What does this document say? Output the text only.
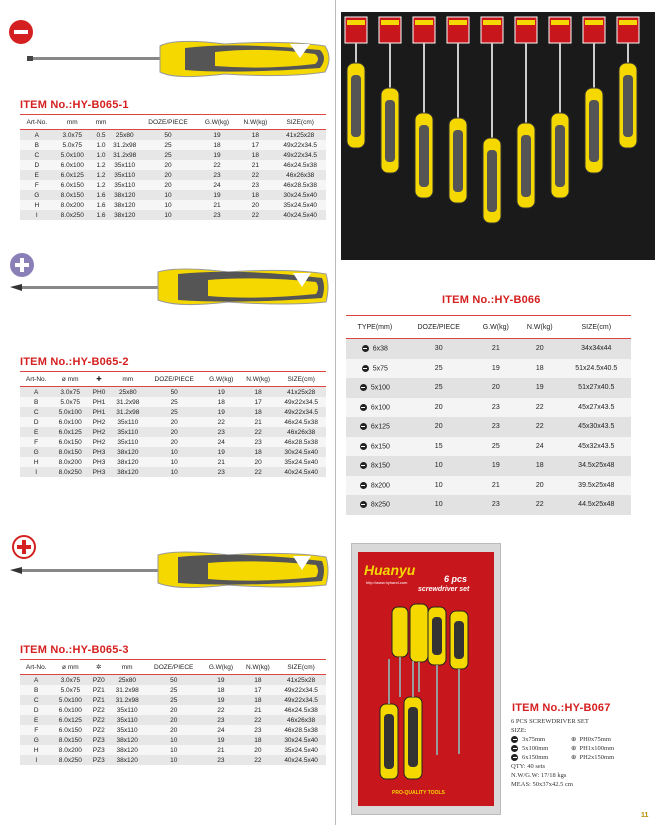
ITEM No.:HY-B065-1
Art-No.	mm	mm		DOZE/PIECE	G.W(kg)	N.W(kg)	SIZE(cm)
A	3.0x75	0.5	25x80	50	19	18	41x25x28
B	5.0x75	1.0	31.2x98	25	18	17	49x22x34.5
C	5.0x100	1.0	31.2x98	25	19	18	49x22x34.5
D	6.0x100	1.2	35x110	20	22	21	46x24.5x38
E	6.0x125	1.2	35x110	20	23	22	46x26x38
F	6.0x150	1.2	35x110	20	24	23	46x28.5x38
G	8.0x150	1.6	38x120	10	19	18	30x24.5x40
H	8.0x200	1.6	38x120	10	21	20	35x24.5x40
I	8.0x250	1.6	38x120	10	23	22	40x24.5x40
ITEM No.:HY-B065-2
Art-No.	ø mm	✚	mm	DOZE/PIECE	G.W(kg)	N.W(kg)	SIZE(cm)
A	3.0x75	PH0	25x80	50	19	18	41x25x28
B	5.0x75	PH1	31.2x98	25	18	17	49x22x34.5
C	5.0x100	PH1	31.2x98	25	19	18	49x22x34.5
D	6.0x100	PH2	35x110	20	22	21	46x24.5x38
E	6.0x125	PH2	35x110	20	23	22	46x26x38
F	6.0x150	PH2	35x110	20	24	23	46x28.5x38
G	8.0x150	PH3	38x120	10	19	18	30x24.5x40
H	8.0x200	PH3	38x120	10	21	20	35x24.5x40
I	8.0x250	PH3	38x120	10	23	22	40x24.5x40
ITEM No.:HY-B065-3
Art-No.	ø mm	✲	mm	DOZE/PIECE	G.W(kg)	N.W(kg)	SIZE(cm)
A	3.0x75	PZ0	25x80	50	19	18	41x25x28
B	5.0x75	PZ1	31.2x98	25	18	17	49x22x34.5
C	5.0x100	PZ1	31.2x98	25	19	18	49x22x34.5
D	6.0x100	PZ2	35x110	20	22	21	46x24.5x38
E	6.0x125	PZ2	35x110	20	23	22	46x26x38
F	6.0x150	PZ2	35x110	20	24	23	46x28.5x38
G	8.0x150	PZ3	38x120	10	19	18	30x24.5x40
H	8.0x200	PZ3	38x120	10	21	20	35x24.5x40
I	8.0x250	PZ3	38x120	10	23	22	40x24.5x40
ITEM No.:HY-B066
TYPE(mm)	DOZE/PIECE	G.W(kg)	N.W(kg)	SIZE(cm)
6x38	30	21	20	34x34x44
5x75	25	19	18	51x24.5x40.5
5x100	25	20	19	51x27x40.5
6x100	20	23	22	45x27x43.5
6x125	20	23	22	45x30x43.5
6x150	15	25	24	45x32x43.5
8x150	10	19	18	34.5x25x48
8x200	10	21	20	39.5x25x48
8x250	10	23	22	44.5x25x48
Huanyu
http://www.hyhand.com	6 pcs
screwdriver set
PRO-QUALITY TOOLS
ITEM No.:HY-B067
6 PCS SCREWDRIVER SET
SIZE:
3x75mm	⊕ PH0x75mm
5x100mm	⊕ PH1x100mm
6x150mm	⊕ PH2x150mm
QTY: 40 sets
N.W/G.W: 17/18 kgs
MEAS: 50x37x42.5 cm
11
